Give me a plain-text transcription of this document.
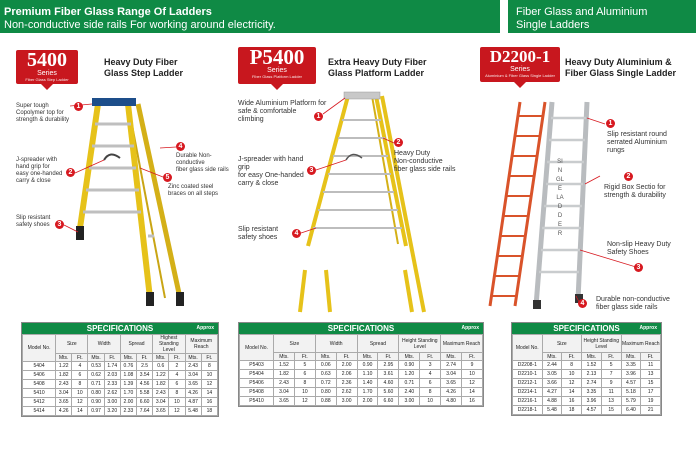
Premium Fiber Glass Range Of Ladders
Non-conductive side rails For working around electricity.
Fiber Glass and Aluminium
Single Ladders
5400
Series
Fiber Glass Step Ladder
Heavy Duty Fiber
Glass Step Ladder
1
Super tough
Copolymer top for
strength & durability
2
J-spreader with
hand grip for
easy one-handed
carry & close
3
Slip resistant
safety shoes
4
Durable Non-conductive
fiber glass side rails
5
Zinc coated steel
braces on all steps
P5400
Series
Fiber Glass Platform Ladder
Extra Heavy Duty Fiber
Glass Platform Ladder
1
Wide Aluminium Platform for
safe & comfortable
climbing
2
Heavy Duty
Non-conductive
fiber glass side rails
3
J-spreader with hand grip
for easy One-handed
carry & close
4
Slip resistant
safety shoes
D2200-1
Series
Aluminium & Fiber Glass Single Ladder
Heavy Duty Aluminium &
Fiber Glass Single Ladder
SINGLE LADDER
1
Slip resistant round
serrated Aluminium
rungs
2
Rigid Box Sectio for
strength & durability
Non-slip Heavy Duty
Safety Shoes
3
4
Durable non-conductive
fiber glass side rails
SPECIFICATIONS	Approx
Model No.	Size		Width		Spread		Highest Standing Level		Maximum Reach	
	Mts.	Ft.	Mts.	Ft.	Mts.	Ft.	Mts.	Ft.	Mts.	Ft.
5404	1.22	4	0.53	1.74	0.76	2.5	0.6	2	2.43	8
5406	1.82	6	0.62	2.03	1.08	3.54	1.22	4	3.04	10
5408	2.43	8	0.71	2.33	1.39	4.56	1.82	6	3.65	12
5410	3.04	10	0.80	2.62	1.70	5.58	2.43	8	4.26	14
5412	3.65	12	0.90	3.00	2.00	6.60	3.04	10	4.87	16
5414	4.26	14	0.97	3.20	2.33	7.64	3.65	12	5.48	18
SPECIFICATIONS	Approx
Model No.	Size		Width		Spread		Height Standing Level		Maximum Reach	
	Mts.	Ft.	Mts.	Ft.	Mts.	Ft.	Mts.	Ft.	Mts.	Ft.
P5403	1.52	5	0.06	2.00	0.90	2.95	0.90	3	2.74	9
P5404	1.82	6	0.63	2.06	1.10	3.61	1.20	4	3.04	10
P5406	2.43	8	0.72	2.36	1.40	4.60	0.71	6	3.65	12
P5408	3.04	10	0.80	2.62	1.70	5.60	2.40	8	4.26	14
P5410	3.65	12	0.88	3.00	2.00	6.60	3.00	10	4.80	16
SPECIFICATIONS	Approx
Model No.	Size		Height Standing Level		Maximum Reach	
	Mts.	Ft.	Mts.	Ft.	Mts.	Ft.
D2208-1	2.44	8	1.52	5	3.35	11
D2210-1	3.05	10	2.13	7	3.96	13
D2212-1	3.66	12	2.74	9	4.57	15
D2214-1	4.27	14	3.35	11	5.18	17
D2216-1	4.88	16	3.96	13	5.79	19
D2218-1	5.48	18	4.57	15	6.40	21
